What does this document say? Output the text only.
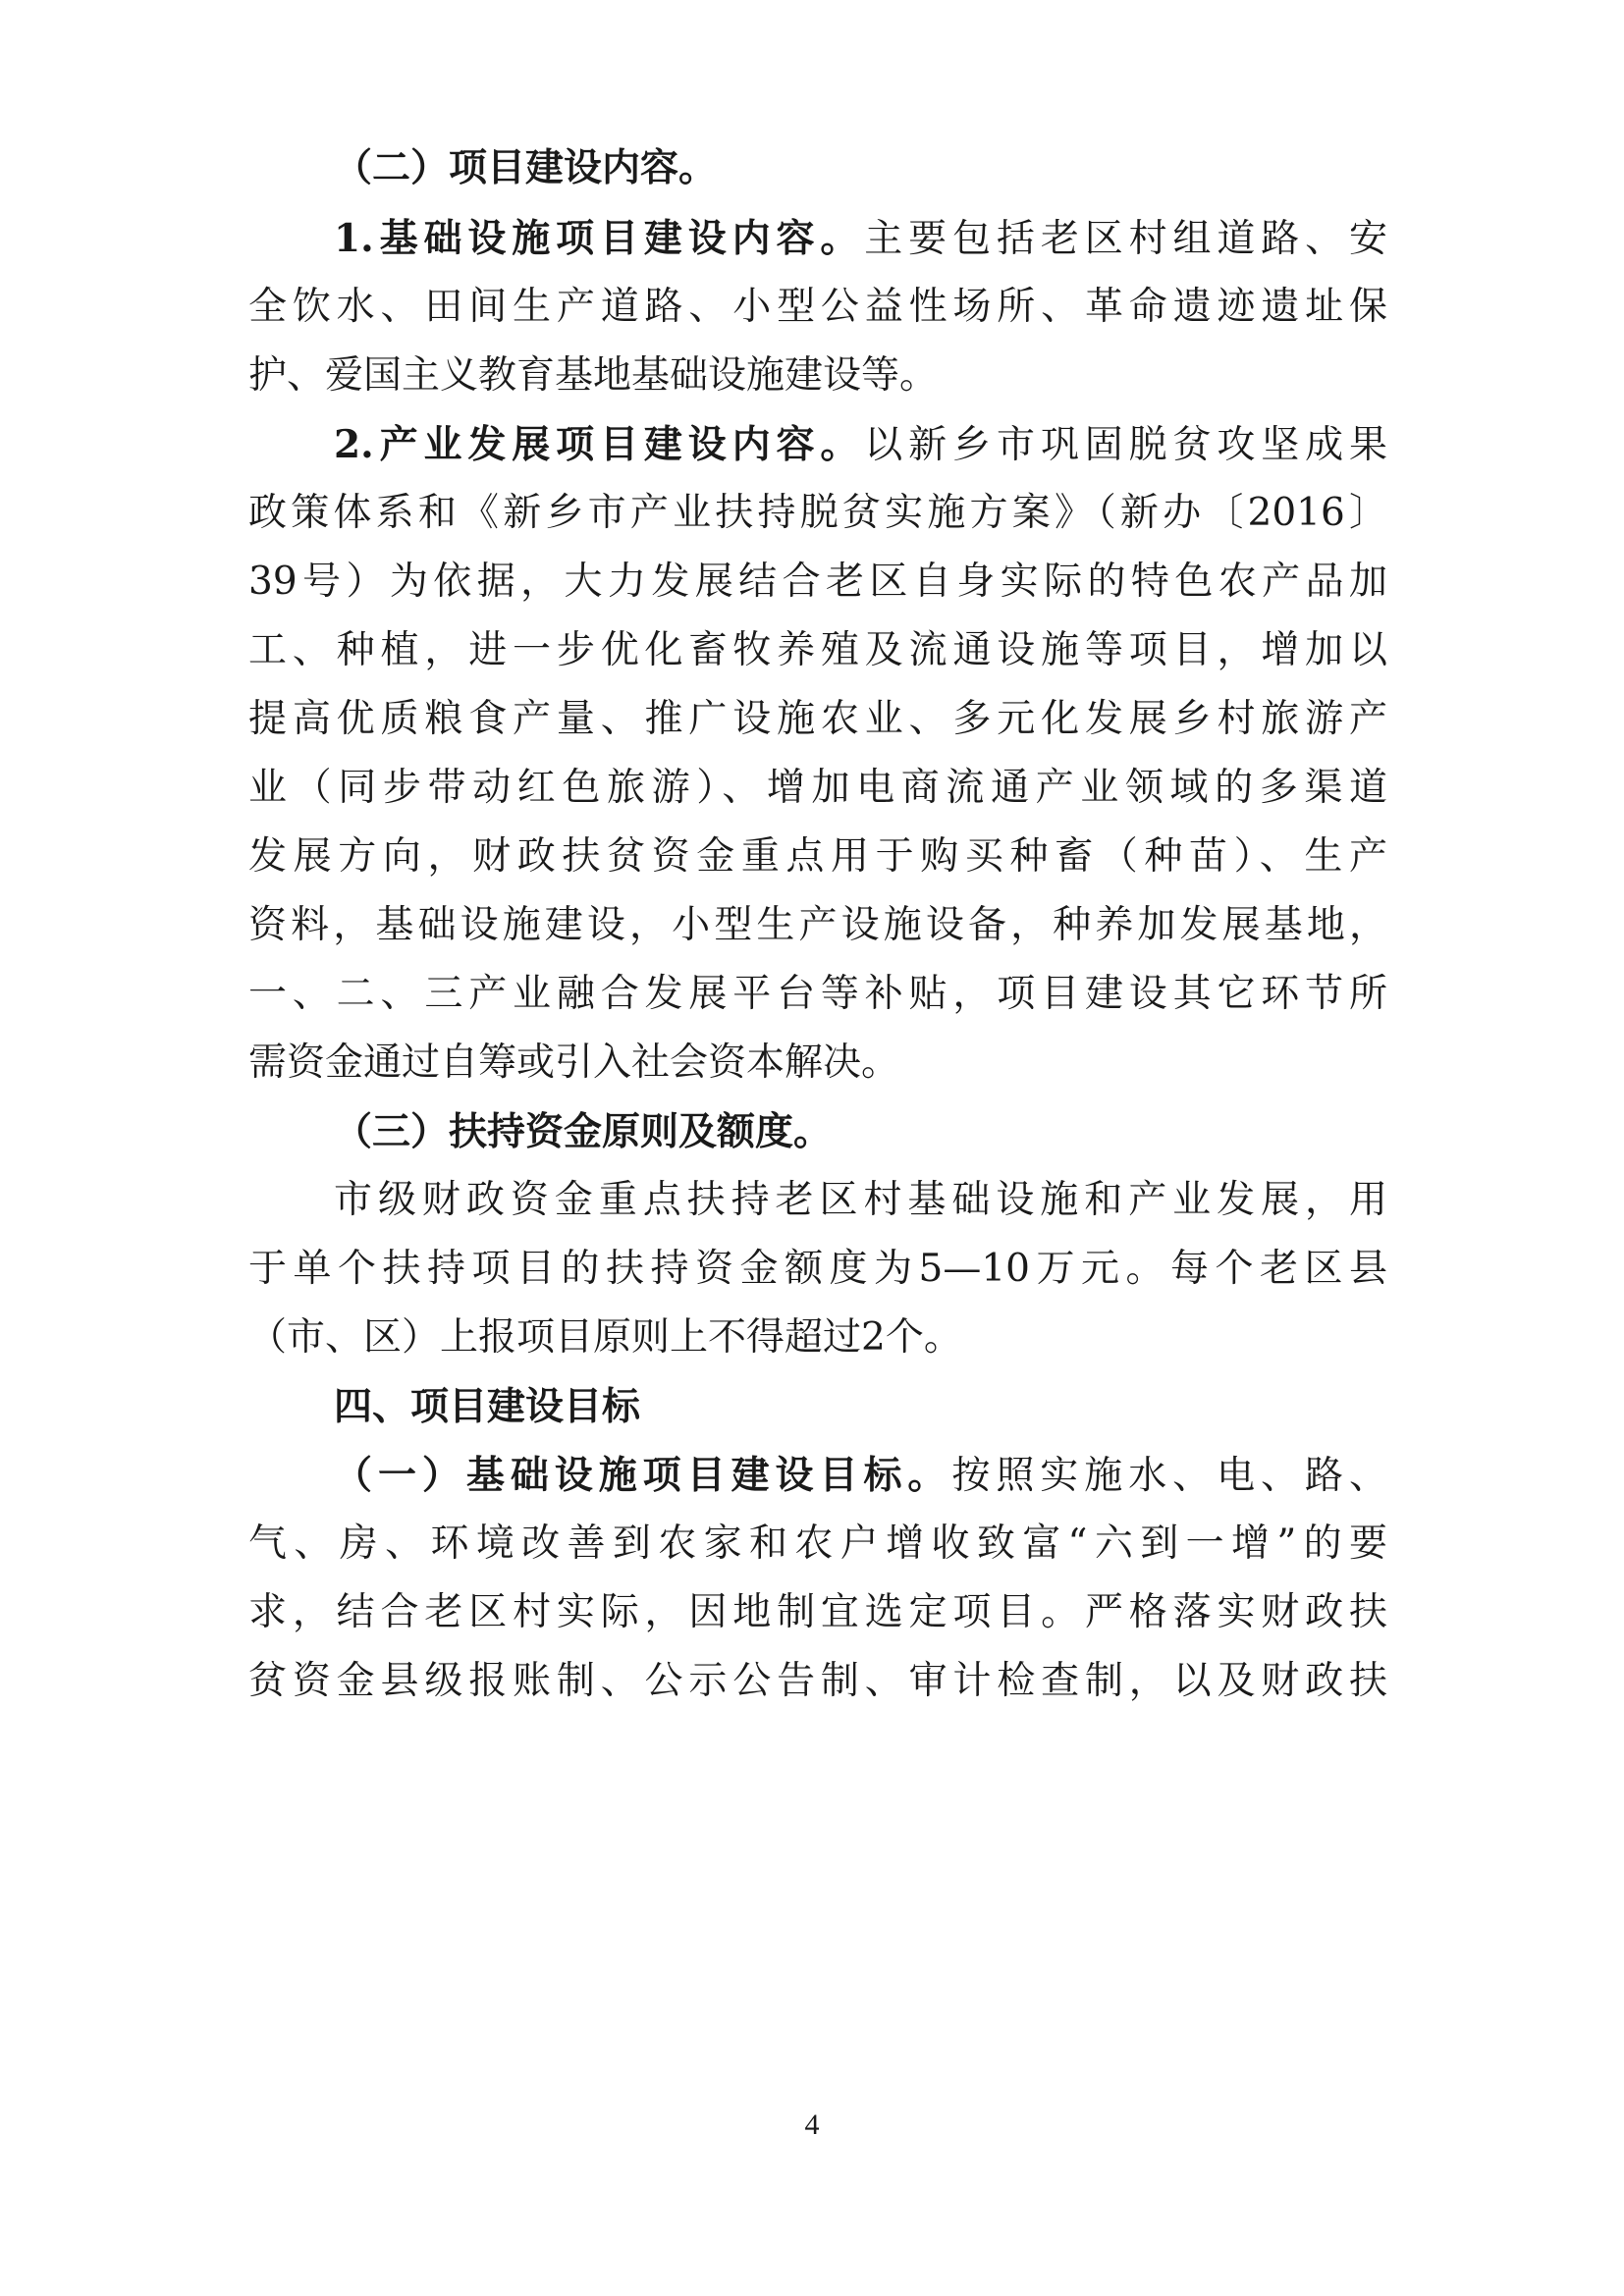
（二）项目建设内容。
1.基础设施项目建设内容。主要包括老区村组道路、安
全饮水、田间生产道路、小型公益性场所、革命遗迹遗址保
护、爱国主义教育基地基础设施建设等。
2.产业发展项目建设内容。以新乡市巩固脱贫攻坚成果
政策体系和《新乡市产业扶持脱贫实施方案》（新办〔2016〕
39号）为依据，大力发展结合老区自身实际的特色农产品加
工、种植，进一步优化畜牧养殖及流通设施等项目，增加以
提高优质粮食产量、推广设施农业、多元化发展乡村旅游产
业（同步带动红色旅游）、增加电商流通产业领域的多渠道
发展方向，财政扶贫资金重点用于购买种畜（种苗）、生产
资料，基础设施建设，小型生产设施设备，种养加发展基地，
一、二、三产业融合发展平台等补贴，项目建设其它环节所
需资金通过自筹或引入社会资本解决。
（三）扶持资金原则及额度。
市级财政资金重点扶持老区村基础设施和产业发展，用
于单个扶持项目的扶持资金额度为5—10万元。每个老区县
（市、区）上报项目原则上不得超过2个。
四、项目建设目标
（一）基础设施项目建设目标。按照实施水、电、路、
气、房、环境改善到农家和农户增收致富“六到一增”的要
求，结合老区村实际，因地制宜选定项目。严格落实财政扶
贫资金县级报账制、公示公告制、审计检查制，以及财政扶
4
